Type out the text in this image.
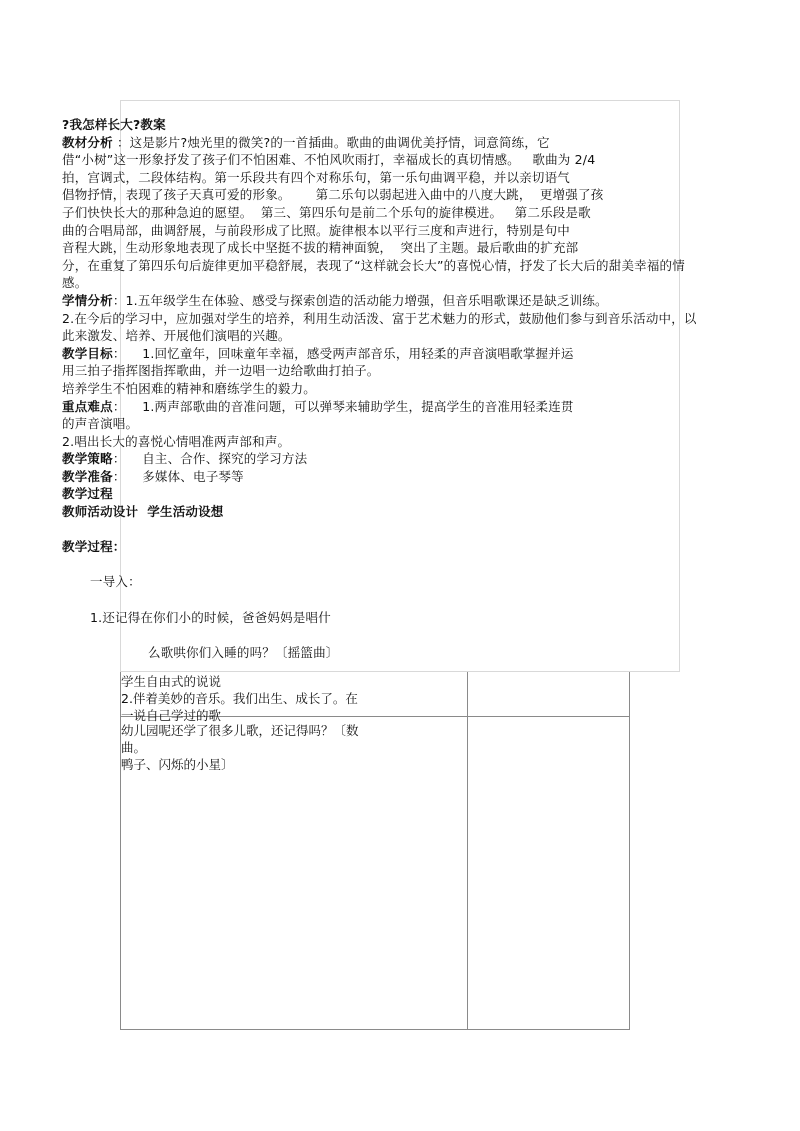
?我怎样长大?教案
教材分析 ：这是影片?烛光里的微笑?的一首插曲。歌曲的曲调优美抒情，词意简练，它
借“小树”这一形象抒发了孩子们不怕困难、不怕风吹雨打，幸福成长的真切情感。   歌曲为 2/4
拍，宫调式，二段体结构。第一乐段共有四个对称乐句，第一乐句曲调平稳，并以亲切语气
倡物抒情，表现了孩子天真可爱的形象。      第二乐句以弱起进入曲中的八度大跳，  更增强了孩
子们快快长大的那种急迫的愿望。  第三、第四乐句是前二个乐句的旋律模进。   第二乐段是歌
曲的合唱局部，曲调舒展，与前段形成了比照。旋律根本以平行三度和声进行，特别是句中
音程大跳，生动形象地表现了成长中坚挺不拔的精神面貌，  突出了主题。最后歌曲的扩充部
分，在重复了第四乐句后旋律更加平稳舒展，表现了“这样就会长大”的喜悦心情，抒发了长大后的甜美幸福的情
感。
学情分析：1.五年级学生在体验、感受与探索创造的活动能力增强，但音乐唱歌课还是缺乏训练。
2.在今后的学习中，应加强对学生的培养，利用生动活泼、富于艺术魅力的形式，鼓励他们参与到音乐活动中，以
此来激发、培养、开展他们演唱的兴趣。
教学目标：    1.回忆童年，回味童年幸福，感受两声部音乐，用轻柔的声音演唱歌掌握并运
用三拍子指挥图指挥歌曲，并一边唱一边给歌曲打拍子。
培养学生不怕困难的精神和磨练学生的毅力。
重点难点：    1.两声部歌曲的音准问题，可以弹琴来辅助学生，提高学生的音准用轻柔连贯
的声音演唱。
2.唱出长大的喜悦心情唱准两声部和声。
教学策略：    自主、合作、探究的学习方法
教学准备：    多媒体、电子琴等
教学过程
教师活动设计  学生活动设想
教学过程：
一导入：
1.还记得在你们小的时候，爸爸妈妈是唱什
么歌哄你们入睡的吗？〔摇篮曲〕
学生自由式的说说
2.伴着美妙的音乐。我们出生、成长了。在
一说自己学过的歌
幼儿园呢还学了很多儿歌，还记得吗？〔数
曲。
鸭子、闪烁的小星〕
